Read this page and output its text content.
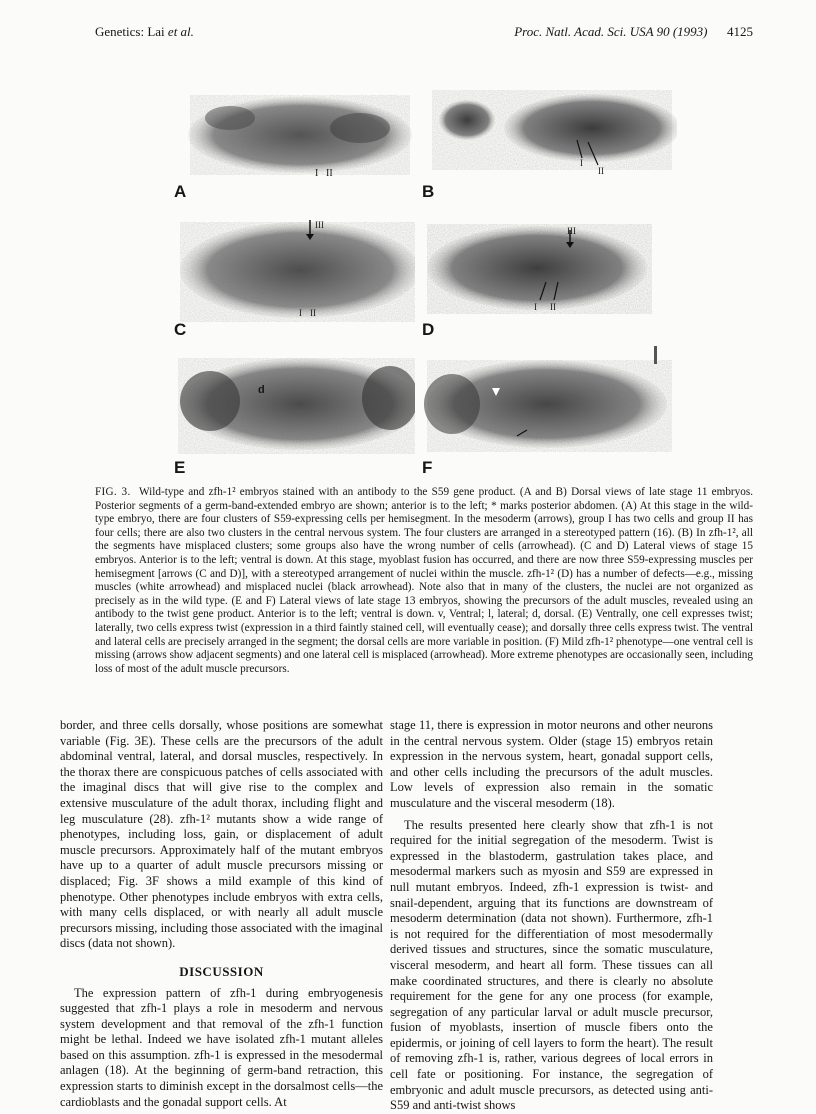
Genetics: Lai et al.	Proc. Natl. Acad. Sci. USA 90 (1993) 4125
A
I II
B
I
II
C
III
I II
D
III
I II
E
d
F
FIG. 3. Wild-type and zfh-1² embryos stained with an antibody to the S59 gene product. (A and B) Dorsal views of late stage 11 embryos. Posterior segments of a germ-band-extended embryo are shown; anterior is to the left; * marks posterior abdomen. (A) At this stage in the wild-type embryo, there are four clusters of S59-expressing cells per hemisegment. In the mesoderm (arrows), group I has two cells and group II has four cells; there are also two clusters in the central nervous system. The four clusters are arranged in a stereotyped pattern (16). (B) In zfh-1², all the segments have misplaced clusters; some groups also have the wrong number of cells (arrowhead). (C and D) Lateral views of stage 15 embryos. Anterior is to the left; ventral is down. At this stage, myoblast fusion has occurred, and there are now three S59-expressing muscles per hemisegment [arrows (C and D)], with a stereotyped arrangement of nuclei within the muscle. zfh-1² (D) has a number of defects—e.g., missing muscles (white arrowhead) and misplaced nuclei (black arrowhead). Note also that in many of the clusters, the nuclei are not organized as precisely as in the wild type. (E and F) Lateral views of late stage 13 embryos, showing the precursors of the adult muscles, revealed using an antibody to the twist gene product. Anterior is to the left; ventral is down. v, Ventral; l, lateral; d, dorsal. (E) Ventrally, one cell expresses twist; laterally, two cells express twist (expression in a third faintly stained cell, will eventually cease); and dorsally three cells express twist. The ventral and lateral cells are precisely arranged in the segment; the dorsal cells are more variable in position. (F) Mild zfh-1² phenotype—one ventral cell is missing (arrows show adjacent segments) and one lateral cell is misplaced (arrowhead). More extreme phenotypes are occasionally seen, including loss of most of the adult muscle precursors.

border, and three cells dorsally, whose positions are somewhat variable (Fig. 3E). These cells are the precursors of the adult abdominal ventral, lateral, and dorsal muscles, respectively. In the thorax there are conspicuous patches of cells associated with the imaginal discs that will give rise to the complex and extensive musculature of the adult thorax, including flight and leg musculature (28). zfh-1² mutants show a wide range of phenotypes, including loss, gain, or displacement of adult muscle precursors. Approximately half of the mutant embryos have up to a quarter of adult muscle precursors missing or displaced; Fig. 3F shows a mild example of this kind of phenotype. Other phenotypes include embryos with extra cells, with many cells displaced, or with nearly all adult muscle precursors missing, including those associated with the imaginal discs (data not shown).

DISCUSSION

The expression pattern of zfh-1 during embryogenesis suggested that zfh-1 plays a role in mesoderm and nervous system development and that removal of the zfh-1 function might be lethal. Indeed we have isolated zfh-1 mutant alleles based on this assumption. zfh-1 is expressed in the mesodermal anlagen (18). At the beginning of germ-band retraction, this expression starts to diminish except in the dorsalmost cells—the cardioblasts and the gonadal support cells. At

stage 11, there is expression in motor neurons and other neurons in the central nervous system. Older (stage 15) embryos retain expression in the nervous system, heart, gonadal support cells, and other cells including the precursors of the adult muscles. Low levels of expression also remain in the somatic musculature and the visceral mesoderm (18).

The results presented here clearly show that zfh-1 is not required for the initial segregation of the mesoderm. Twist is expressed in the blastoderm, gastrulation takes place, and mesodermal markers such as myosin and S59 are expressed in null mutant embryos. Indeed, zfh-1 expression is twist- and snail-dependent, arguing that its functions are downstream of mesoderm determination (data not shown). Furthermore, zfh-1 is not required for the differentiation of most mesodermally derived tissues and structures, since the somatic musculature, visceral mesoderm, and heart all form. These tissues can all make coordinated structures, and there is clearly no absolute requirement for the gene for any one process (for example, segregation of any particular larval or adult muscle precursor, fusion of myoblasts, insertion of muscle fibers onto the epidermis, or joining of cell layers to form the heart). The result of removing zfh-1 is, rather, various degrees of local errors in cell fate or positioning. For instance, the segregation of embryonic and adult muscle precursors, as detected using anti-S59 and anti-twist shows
